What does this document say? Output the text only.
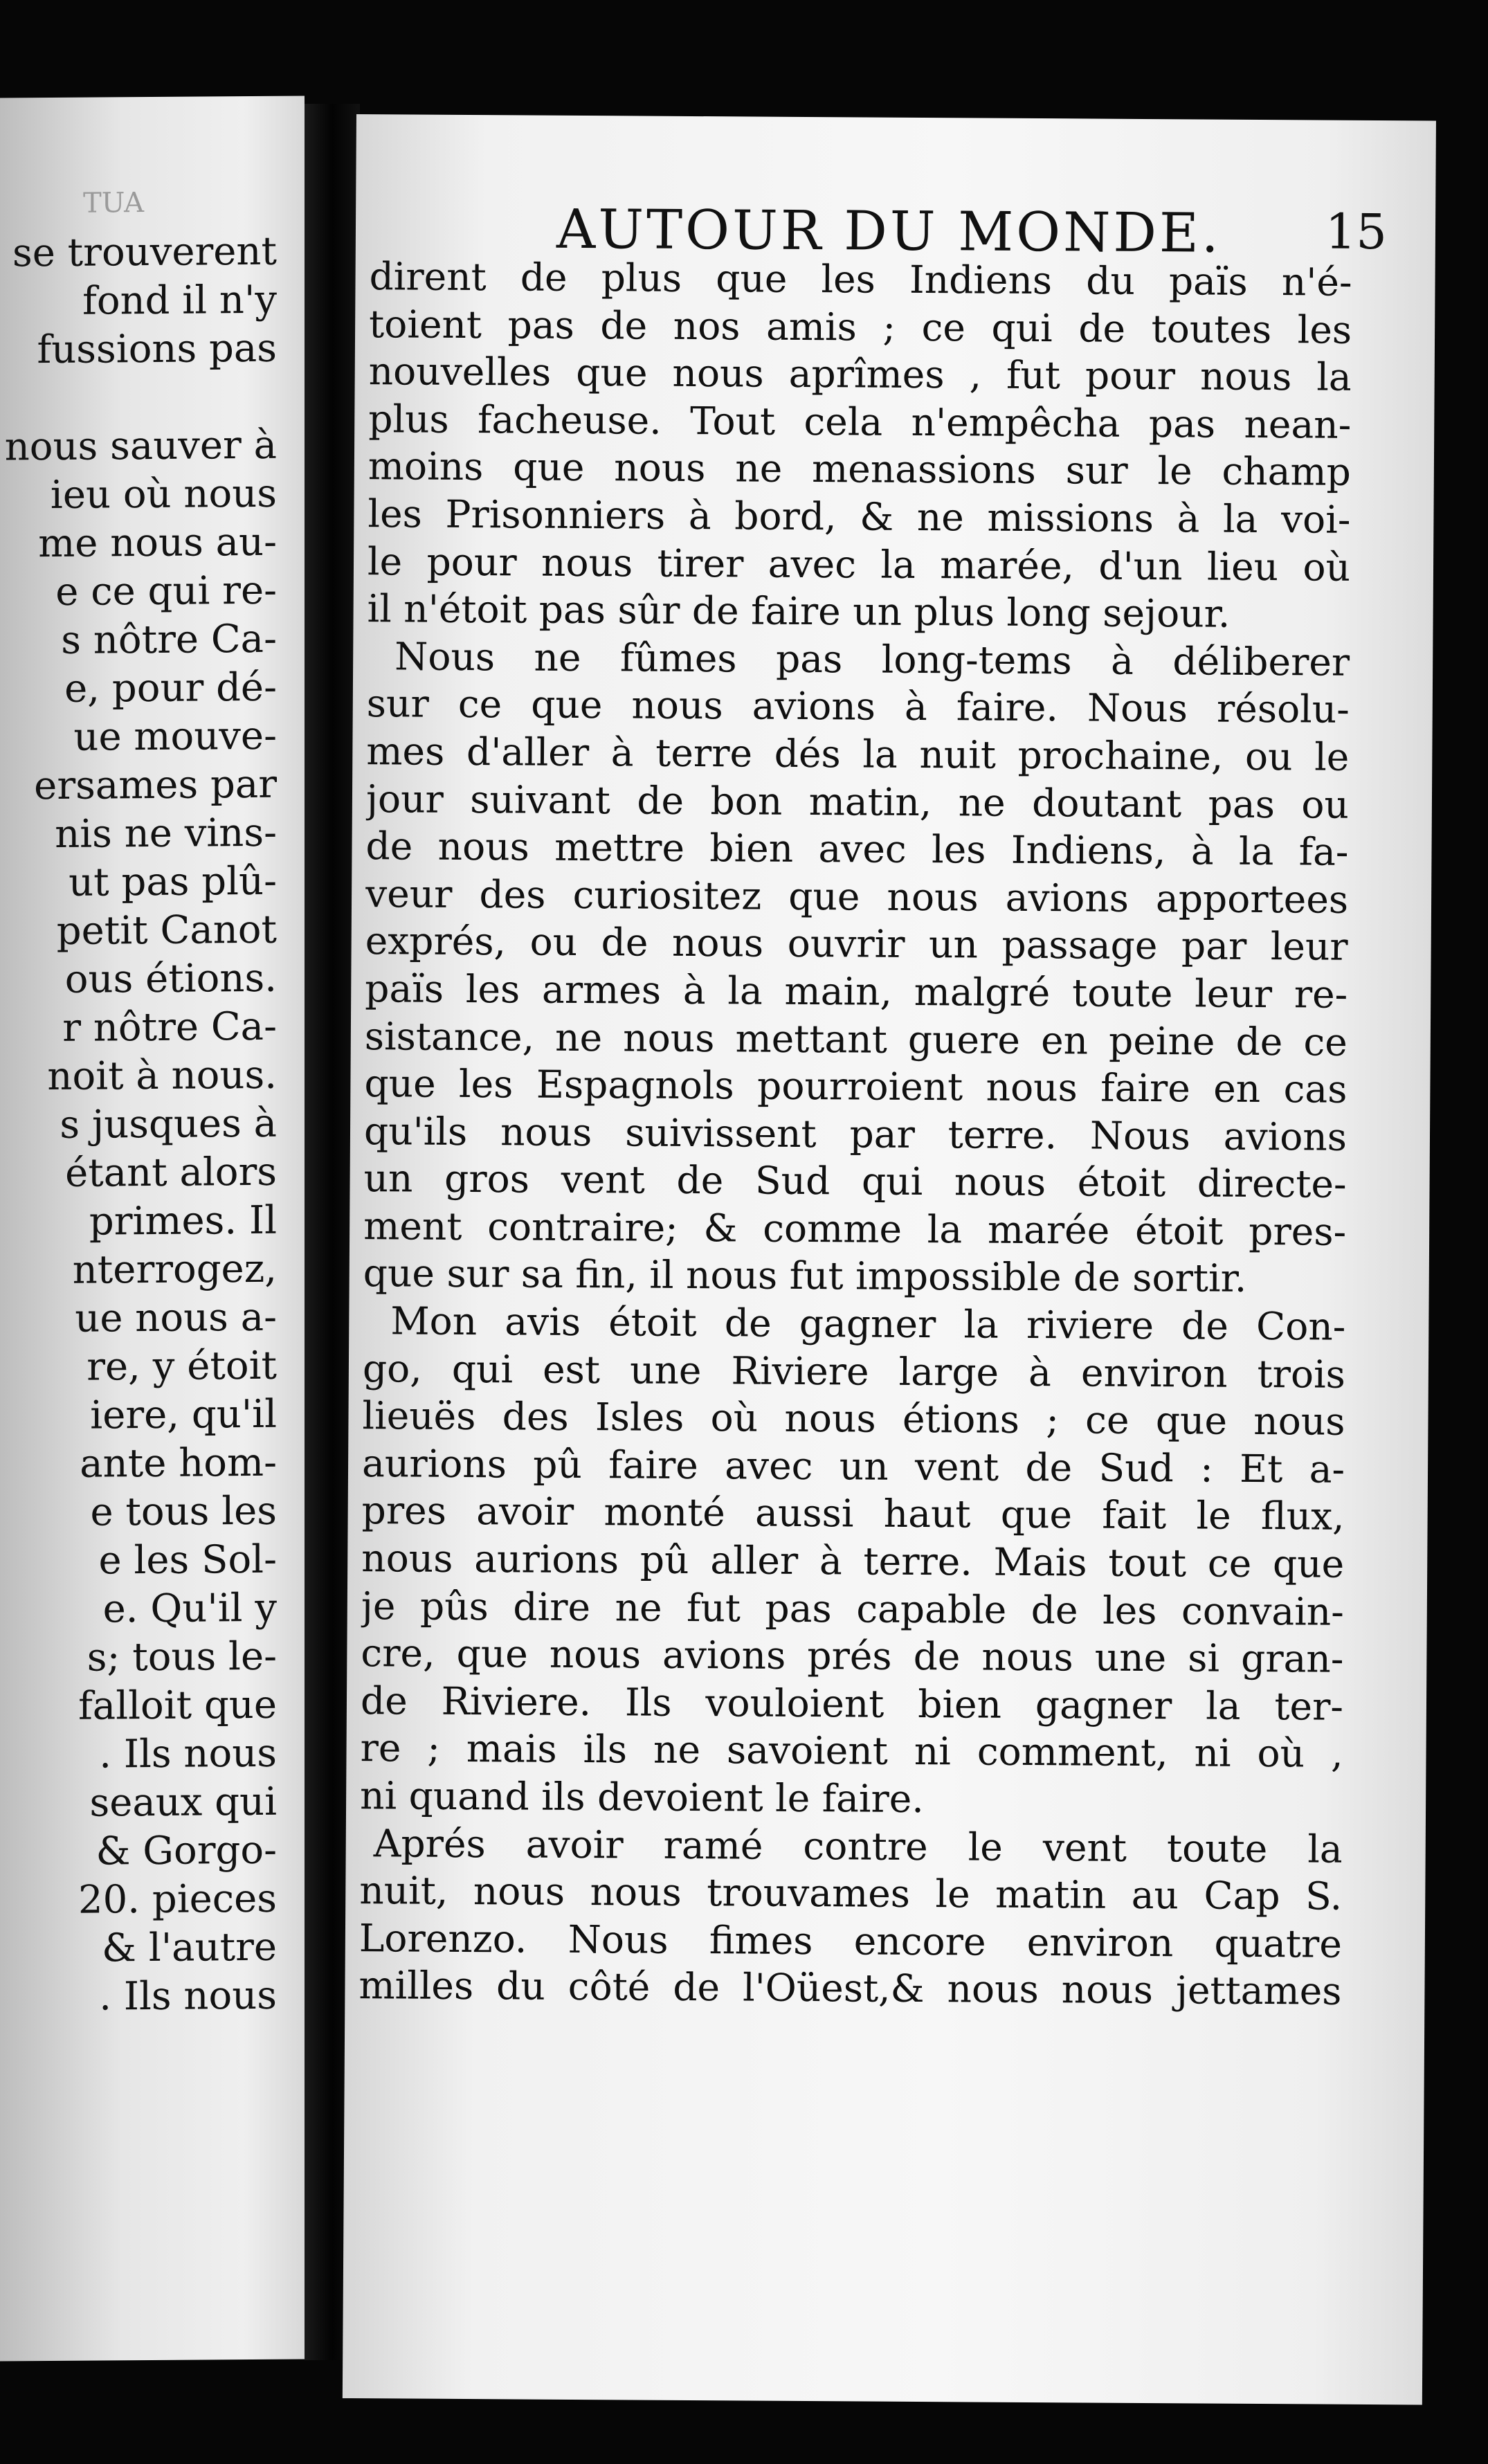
TUA
se trouverent
fond il n'y
fussions pas
nous sauver à
ieu où nous
me nous au-
e ce qui re-
s nôtre Ca-
e, pour dé-
ue mouve-
ersames par
nis ne vins-
ut pas plû-
petit Canot
ous étions.
r nôtre Ca-
noit à nous.
s jusques à
étant alors
primes. Il
nterrogez,
ue nous a-
re, y étoit
iere, qu'il
ante hom-
e tous les
e les Sol-
e. Qu'il y
s; tous le-
falloit que
. Ils nous
seaux qui
& Gorgo-
20. pieces
& l'autre
. Ils nous
AUTOUR DU MONDE. 15
dirent de plus que les Indiens du païs n'é-
toient pas de nos amis ; ce qui de toutes les
nouvelles que nous aprîmes , fut pour nous la
plus facheuse. Tout cela n'empêcha pas nean-
moins que nous ne menassions sur le champ
les Prisonniers à bord, & ne missions à la voi-
le pour nous tirer avec la marée, d'un lieu où
il n'étoit pas sûr de faire un plus long sejour.
Nous ne fûmes pas long-tems à déliberer
sur ce que nous avions à faire. Nous résolu-
mes d'aller à terre dés la nuit prochaine, ou le
jour suivant de bon matin, ne doutant pas ou
de nous mettre bien avec les Indiens, à la fa-
veur des curiositez que nous avions apportees
exprés, ou de nous ouvrir un passage par leur
païs les armes à la main, malgré toute leur re-
sistance, ne nous mettant guere en peine de ce
que les Espagnols pourroient nous faire en cas
qu'ils nous suivissent par terre. Nous avions
un gros vent de Sud qui nous étoit directe-
ment contraire; & comme la marée étoit pres-
que sur sa fin, il nous fut impossible de sortir.
Mon avis étoit de gagner la riviere de Con-
go, qui est une Riviere large à environ trois
lieuës des Isles où nous étions ; ce que nous
aurions pû faire avec un vent de Sud : Et a-
pres avoir monté aussi haut que fait le flux,
nous aurions pû aller à terre. Mais tout ce que
je pûs dire ne fut pas capable de les convain-
cre, que nous avions prés de nous une si gran-
de Riviere. Ils vouloient bien gagner la ter-
re ; mais ils ne savoient ni comment, ni où ,
ni quand ils devoient le faire.
Aprés avoir ramé contre le vent toute la
nuit, nous nous trouvames le matin au Cap S.
Lorenzo. Nous fimes encore environ quatre
milles du côté de l'Oüest,& nous nous jettames
